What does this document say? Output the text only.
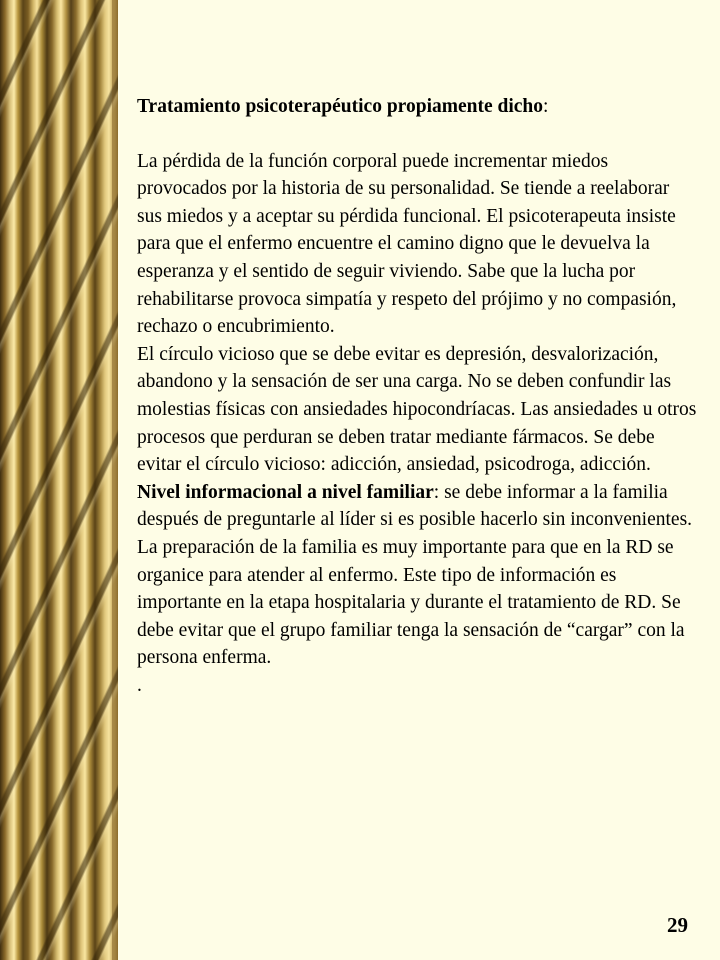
Tratamiento psicoterapéutico propiamente dicho:

La pérdida de la función corporal puede incrementar miedos provocados por la historia de su personalidad. Se tiende a reelaborar sus miedos y a aceptar su pérdida funcional. El psicoterapeuta insiste para que el enfermo encuentre el camino digno que le devuelva la esperanza y el sentido de seguir viviendo. Sabe que la lucha por rehabilitarse provoca simpatía y respeto del prójimo y no compasión, rechazo o encubrimiento.

El círculo vicioso que se debe evitar es depresión, desvalorización, abandono y la sensación de ser una carga. No se deben confundir las molestias físicas con ansiedades hipocondríacas. Las ansiedades u otros procesos que perduran se deben tratar mediante fármacos. Se debe evitar el círculo vicioso: adicción, ansiedad, psicodroga, adicción.

Nivel informacional a nivel familiar: se debe informar a la familia después de preguntarle al líder si es posible hacerlo sin inconvenientes. La preparación de la familia es muy importante para que en la RD se organice para atender al enfermo. Este tipo de información es importante en la etapa hospitalaria y durante el tratamiento de RD. Se debe evitar que el grupo familiar tenga la sensación de “cargar” con la persona enferma.

.

29
